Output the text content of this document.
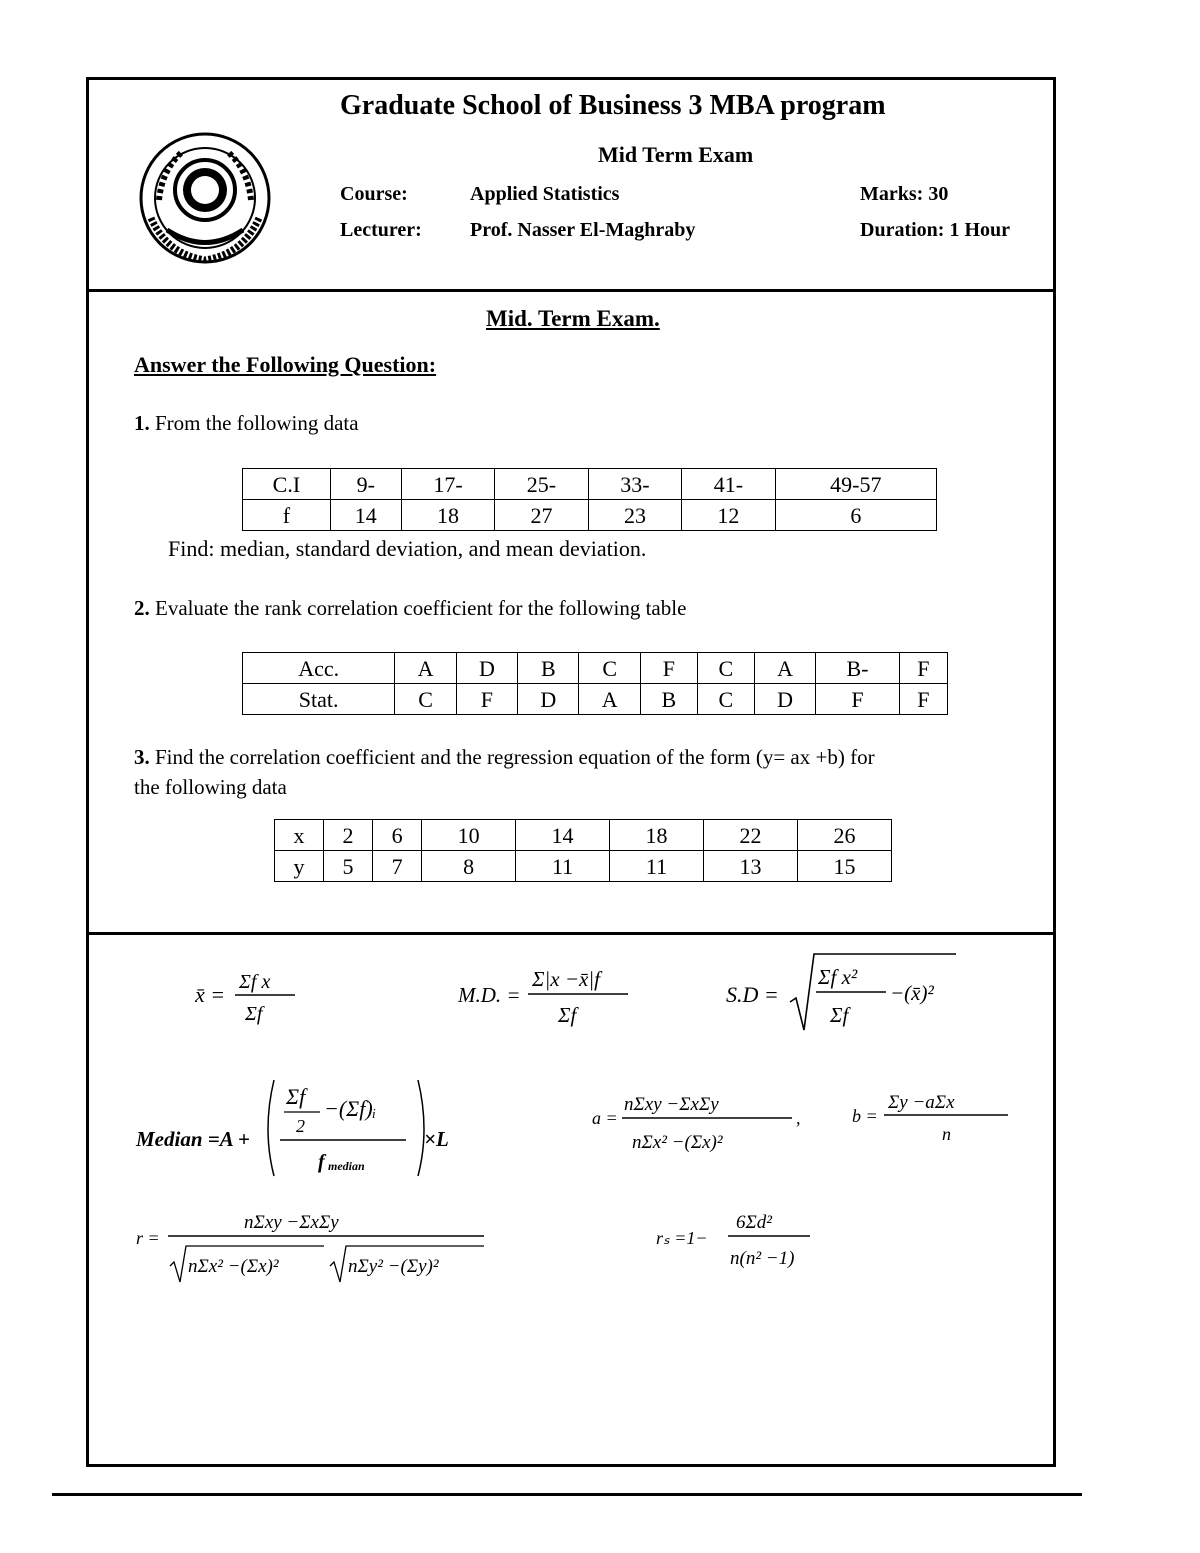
Graduate School of Business 3 MBA program
Mid Term Exam
Course:	Applied Statistics
Lecturer: Prof. Nasser El-Maghraby
Marks: 30
Duration: 1 Hour
Mid. Term Exam.
Answer the Following Question:
1. From the following data
C.I	9-	17-	25-	33-	41-	49-57
f	14	18	27	23	12	6
Find: median, standard deviation, and mean deviation.
2. Evaluate the rank correlation coefficient for the following table
Acc.	A	D	B	C	F	C	A	B-	F
Stat.	C	F	D	A	B	C	D	F	F
3. Find the correlation coefficient and the regression equation of the form (y= ax +b) for
the following data
x	2	6	10	14	18	22	26
y	5	7	8	11	11	13	15
x̄ = Σf x
Σf
M.D. =
Σ|x −x̄|f
Σf
S.D =
Σf x²
Σf
−(x̄)²
Median =A +
Σf
2
−(Σf)ᵢ
f median
×L
a =
nΣxy −ΣxΣy
nΣx² −(Σx)²
,	b =
Σy −aΣx
n
r =
nΣxy −ΣxΣy
nΣx² −(Σx)²	nΣy² −(Σy)²
rₛ =1−
6Σd²
n(n² −1)
